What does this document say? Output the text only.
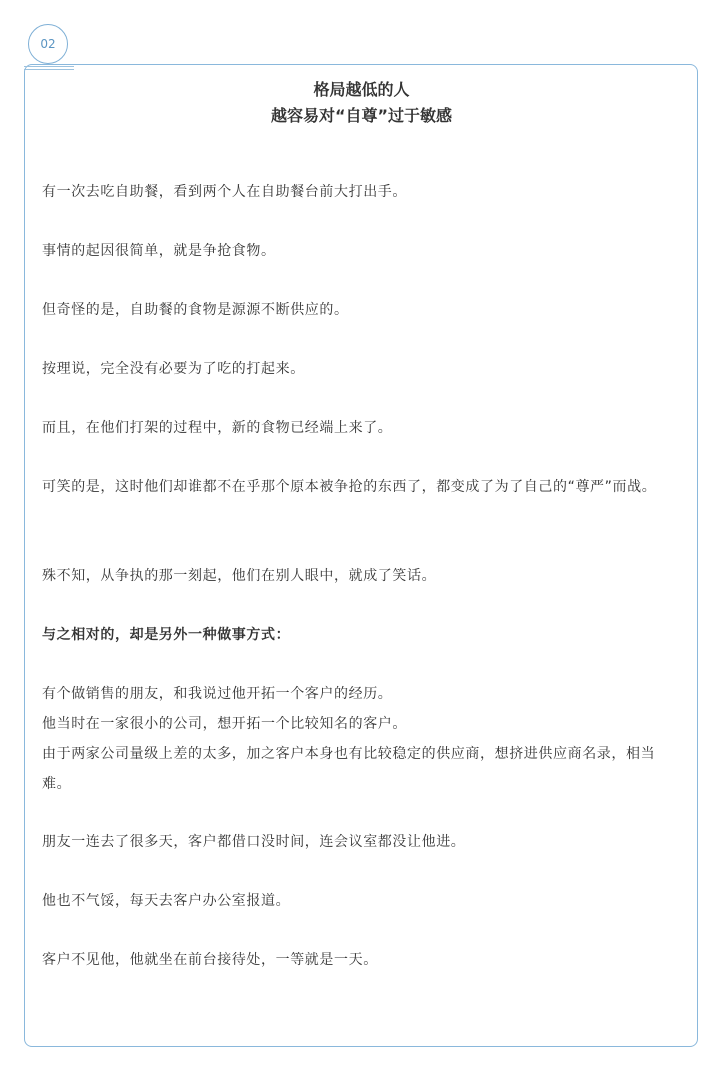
02
格局越低的人
越容易对“自尊”过于敏感
有一次去吃自助餐，看到两个人在自助餐台前大打出手。
事情的起因很简单，就是争抢食物。
但奇怪的是，自助餐的食物是源源不断供应的。
按理说，完全没有必要为了吃的打起来。
而且，在他们打架的过程中，新的食物已经端上来了。
可笑的是，这时他们却谁都不在乎那个原本被争抢的东西了，都变成了为了自己的“尊严”而战。
殊不知，从争执的那一刻起，他们在别人眼中，就成了笑话。
与之相对的，却是另外一种做事方式：
有个做销售的朋友，和我说过他开拓一个客户的经历。
他当时在一家很小的公司，想开拓一个比较知名的客户。
由于两家公司量级上差的太多，加之客户本身也有比较稳定的供应商，想挤进供应商名录，相当难。
朋友一连去了很多天，客户都借口没时间，连会议室都没让他进。
他也不气馁，每天去客户办公室报道。
客户不见他，他就坐在前台接待处，一等就是一天。
